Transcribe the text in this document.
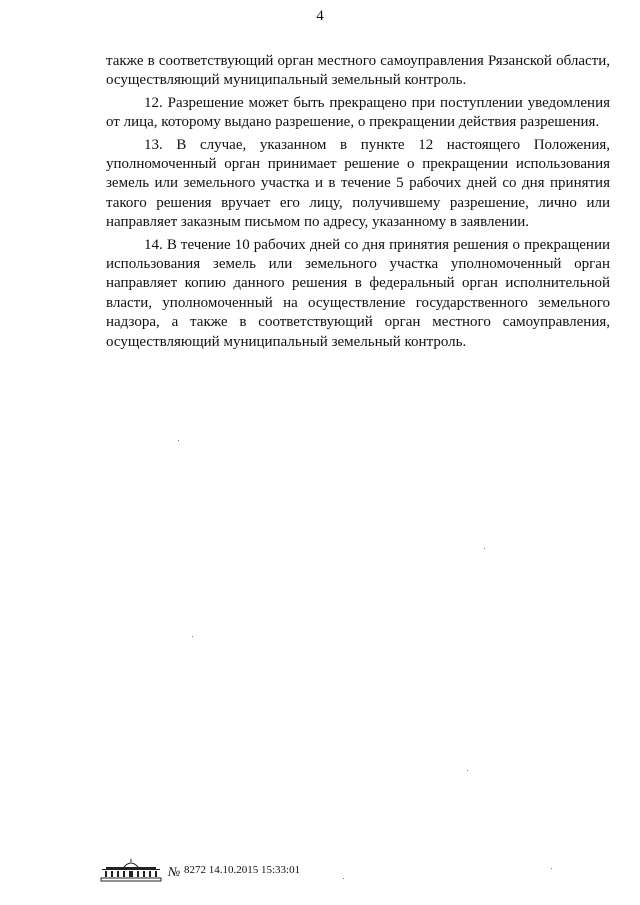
4

также в соответствующий орган местного самоуправления Рязанской области, осуществляющий муниципальный земельный контроль.

12. Разрешение может быть прекращено при поступлении уведомления от лица, которому выдано разрешение, о прекращении действия разрешения.

13. В случае, указанном в пункте 12 настоящего Положения, уполномоченный орган принимает решение о прекращении использования земель или земельного участка и в течение 5 рабочих дней со дня принятия такого решения вручает его лицу, получившему разрешение, лично или направляет заказным письмом по адресу, указанному в заявлении.

14. В течение 10 рабочих дней со дня принятия решения о прекращении использования земель или земельного участка уполномоченный орган направляет копию данного решения в федеральный орган исполнительной власти, уполномоченный на осуществление государственного земельного надзора, а также в соответствующий орган местного самоуправления, осуществляющий муниципальный земельный контроль.

№ 8272 14.10.2015 15:33:01
